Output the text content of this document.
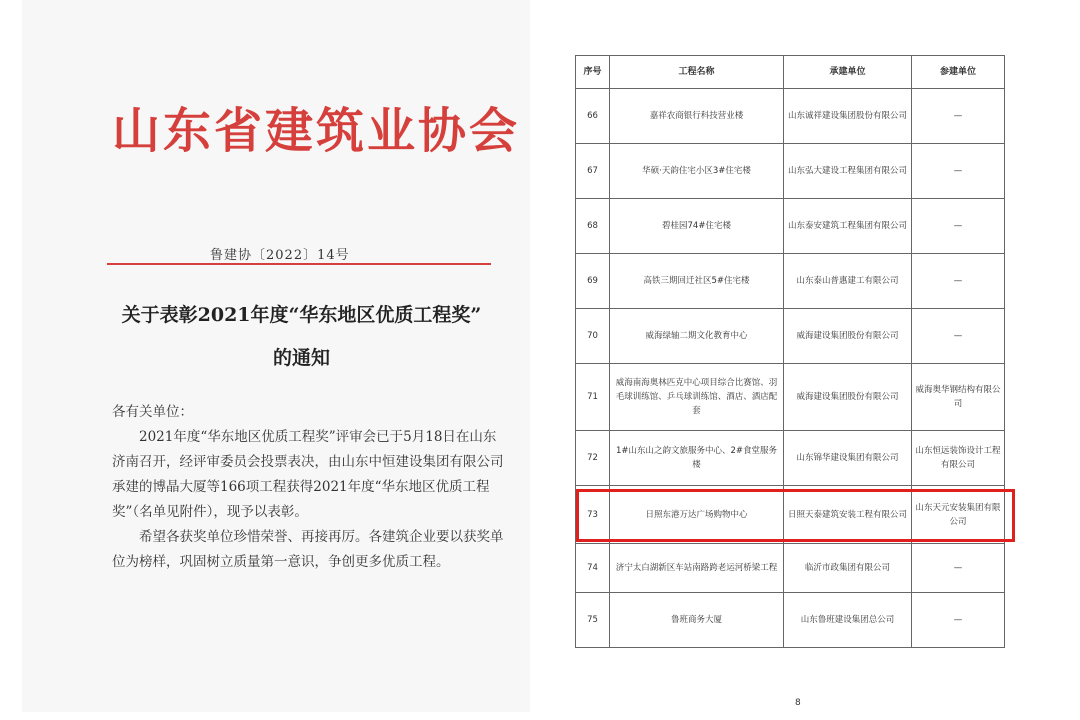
山东省建筑业协会
鲁建协〔2022〕14号
关于表彰2021年度“华东地区优质工程奖”
的通知

各有关单位：

2021年度“华东地区优质工程奖”评审会已于5月18日在山东济南召开，经评审委员会投票表决，由山东中恒建设集团有限公司承建的博晶大厦等166项工程获得2021年度“华东地区优质工程奖”（名单见附件），现予以表彰。

希望各获奖单位珍惜荣誉、再接再厉。各建筑企业要以获奖单位为榜样，巩固树立质量第一意识，争创更多优质工程。

序号	工程名称	承建单位	参建单位
66	嘉祥农商银行科技营业楼	山东诚祥建设集团股份有限公司	—
67	华硕·天韵住宅小区3#住宅楼	山东弘大建设工程集团有限公司	—
68	碧桂园74#住宅楼	山东泰安建筑工程集团有限公司	—
69	高铁三期回迁社区5#住宅楼	山东泰山普惠建工有限公司	—
70	威海绿轴二期文化教育中心	威海建设集团股份有限公司	—
71	威海南海奥林匹克中心项目综合比赛馆、羽毛球训练馆、乒乓球训练馆、酒店、酒店配套	威海建设集团股份有限公司	威海奥华钢结构有限公司
72	1#山东山之韵文旅服务中心、2#食堂服务楼	山东锦华建设集团有限公司	山东恒远装饰设计工程有限公司
73	日照东港万达广场购物中心	日照天泰建筑安装工程有限公司	山东天元安装集团有限公司
74	济宁太白湖新区车站南路跨老运河桥梁工程	临沂市政集团有限公司	—
75	鲁班商务大厦	山东鲁班建设集团总公司	—
8
